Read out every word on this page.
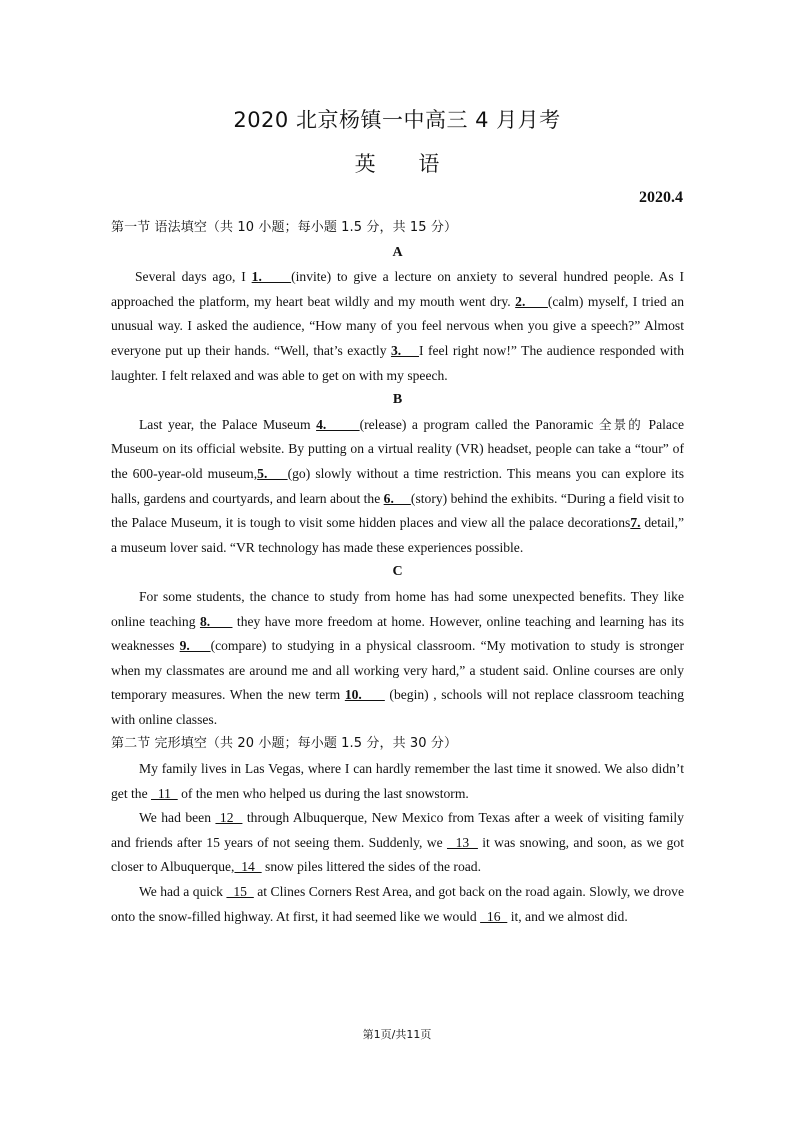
2020 北京杨镇一中高三 4 月月考
英 语
2020.4
第一节 语法填空（共 10 小题；每小题 1.5 分，共 15 分）
A

Several days ago, I 1.     (invite) to give a lecture on anxiety to several hundred people. As I approached the platform, my heart beat wildly and my mouth went dry. 2.     (calm) myself, I tried an unusual way. I asked the audience, “How many of you feel nervous when you give a speech?” Almost everyone put up their hands. “Well, that’s exactly 3.    I feel right now!” The audience responded with laughter. I felt relaxed and was able to get on with my speech.

B

Last year, the Palace Museum 4.      (release) a program called the Panoramic 全景的 Palace Museum on its official website. By putting on a virtual reality (VR) headset, people can take a “tour” of the 600-year-old museum,5.    (go) slowly without a time restriction. This means you can explore its halls, gardens and courtyards, and learn about the 6.     (story) behind the exhibits. “During a field visit to the Palace Museum, it is tough to visit some hidden places and view all the palace decorations7. detail,” a museum lover said. “VR technology has made these experiences possible.

C

For some students, the chance to study from home has had some unexpected benefits. They like online teaching 8.      they have more freedom at home. However, online teaching and learning has its weaknesses 9.    (compare) to studying in a physical classroom. “My motivation to study is stronger when my classmates are around me and all working very hard,” a student said. Online courses are only temporary measures. When the new term 10.      (begin) , schools will not replace classroom teaching with online classes.

第二节 完形填空（共 20 小题；每小题 1.5 分，共 30 分）

My family lives in Las Vegas, where I can hardly remember the last time it snowed. We also didn’t get the   11   of the men who helped us during the last snowstorm.

We had been  12   through Albuquerque, New Mexico from Texas after a week of visiting family and friends after 15 years of not seeing them. Suddenly, we   13   it was snowing, and soon, as we got closer to Albuquerque,  14   snow piles littered the sides of the road.

We had a quick   15   at Clines Corners Rest Area, and got back on the road again. Slowly, we drove onto the snow-filled highway. At first, it had seemed like we would   16   it, and we almost did.

第1页/共11页
